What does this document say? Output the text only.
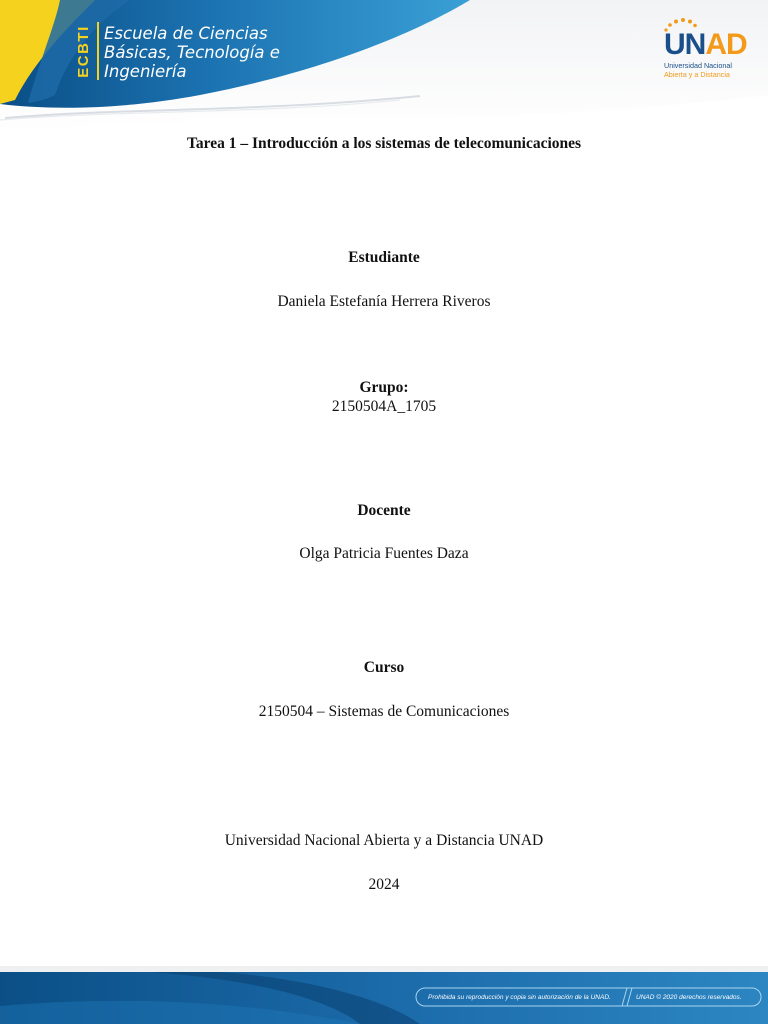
ECBTI Escuela de Ciencias
Básicas, Tecnología e
Ingeniería
UNAD
Universidad Nacional
Abierta y a Distancia
Tarea 1 – Introducción a los sistemas de telecomunicaciones
Estudiante
Daniela Estefanía Herrera Riveros
Grupo:
2150504A_1705
Docente
Olga Patricia Fuentes Daza
Curso
2150504 – Sistemas de Comunicaciones
Universidad Nacional Abierta y a Distancia UNAD
2024
Prohibida su reproducción y copia sin autorización de la UNAD.	UNAD © 2020 derechos reservados.
